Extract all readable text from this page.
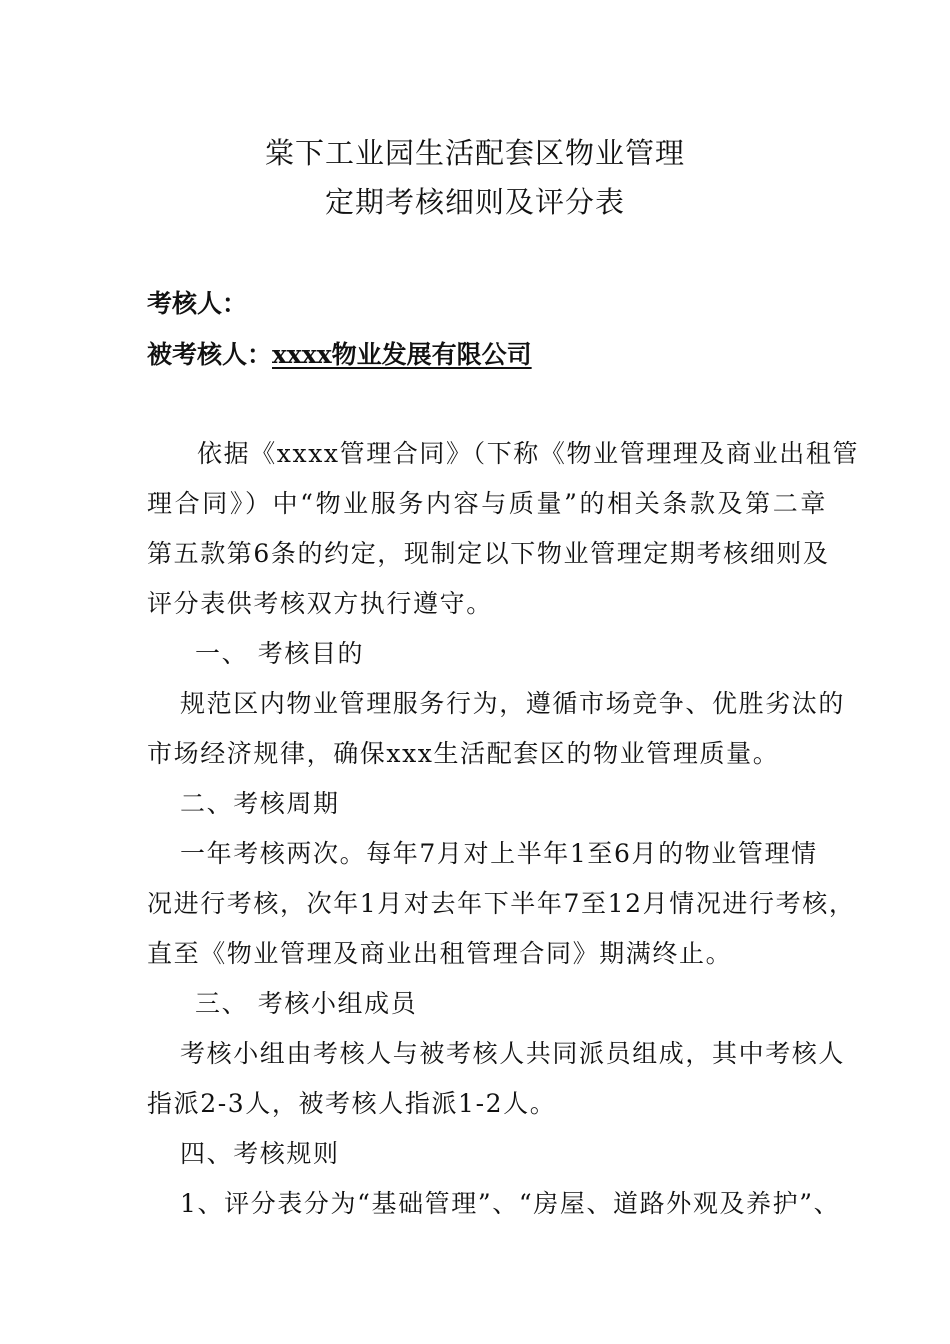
棠下工业园生活配套区物业管理
定期考核细则及评分表
考核人：
被考核人：xxxx物业发展有限公司
依据《xxxx管理合同》（下称《物业管理理及商业出租管
理合同》）中“物业服务内容与质量”的相关条款及第二章
第五款第6条的约定，现制定以下物业管理定期考核细则及
评分表供考核双方执行遵守。
一、 考核目的
规范区内物业管理服务行为，遵循市场竞争、优胜劣汰的
市场经济规律，确保xxx生活配套区的物业管理质量。
二、考核周期
一年考核两次。每年7月对上半年1至6月的物业管理情
况进行考核，次年1月对去年下半年7至12月情况进行考核，
直至《物业管理及商业出租管理合同》期满终止。
三、 考核小组成员
考核小组由考核人与被考核人共同派员组成，其中考核人
指派2-3人，被考核人指派1-2人。
四、考核规则
1、评分表分为“基础管理”、“房屋、道路外观及养护”、
